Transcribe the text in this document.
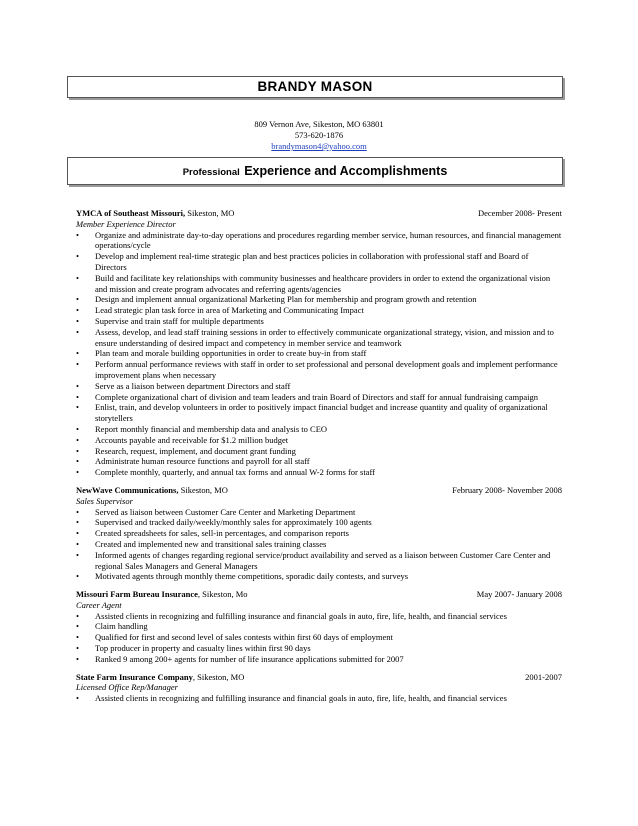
BRANDY MASON
809 Vernon Ave, Sikeston, MO 63801
573-620-1876
brandymason4@yahoo.com
Professional Experience and Accomplishments
YMCA of Southeast Missouri, Sikeston, MO	December 2008- Present
Member Experience Director
• Organize and administrate day-to-day operations and procedures regarding member service, human resources, and financial management operations/cycle
• Develop and implement real-time strategic plan and best practices policies in collaboration with professional staff and Board of Directors
• Build and facilitate key relationships with community businesses and healthcare providers in order to extend the organizational vision and mission and create program advocates and referring agents/agencies
• Design and implement annual organizational Marketing Plan for membership and program growth and retention
• Lead strategic plan task force in area of Marketing and Communicating Impact
• Supervise and train staff for multiple departments
• Assess, develop, and lead staff training sessions in order to effectively communicate organizational strategy, vision, and mission and to ensure understanding of desired impact and competency in member service and teamwork
• Plan team and morale building opportunities in order to create buy-in from staff
• Perform annual performance reviews with staff in order to set professional and personal development goals and implement performance improvement plans when necessary
• Serve as a liaison between department Directors and staff
• Complete organizational chart of division and team leaders and train Board of Directors and staff for annual fundraising campaign
• Enlist, train, and develop volunteers in order to positively impact financial budget and increase quantity and quality of organizational storytellers
• Report monthly financial and membership data and analysis to CEO
• Accounts payable and receivable for $1.2 million budget
• Research, request, implement, and document grant funding
• Administrate human resource functions and payroll for all staff
• Complete monthly, quarterly, and annual tax forms and annual W-2 forms for staff
NewWave Communications, Sikeston, MO	February 2008- November 2008
Sales Supervisor
• Served as liaison between Customer Care Center and Marketing Department
• Supervised and tracked daily/weekly/monthly sales for approximately 100 agents
• Created spreadsheets for sales, sell-in percentages, and comparison reports
• Created and implemented new and transitional sales training classes
• Informed agents of changes regarding regional service/product availability and served as a liaison between Customer Care Center and regional Sales Managers and General Managers
• Motivated agents through monthly theme competitions, sporadic daily contests, and surveys
Missouri Farm Bureau Insurance, Sikeston, Mo	May 2007- January 2008
Career Agent
• Assisted clients in recognizing and fulfilling insurance and financial goals in auto, fire, life, health, and financial services
• Claim handling
• Qualified for first and second level of sales contests within first 60 days of employment
• Top producer in property and casualty lines within first 90 days
• Ranked 9 among 200+ agents for number of life insurance applications submitted for 2007
State Farm Insurance Company, Sikeston, MO	2001-2007
Licensed Office Rep/Manager
• Assisted clients in recognizing and fulfilling insurance and financial goals in auto, fire, life, health, and financial services
